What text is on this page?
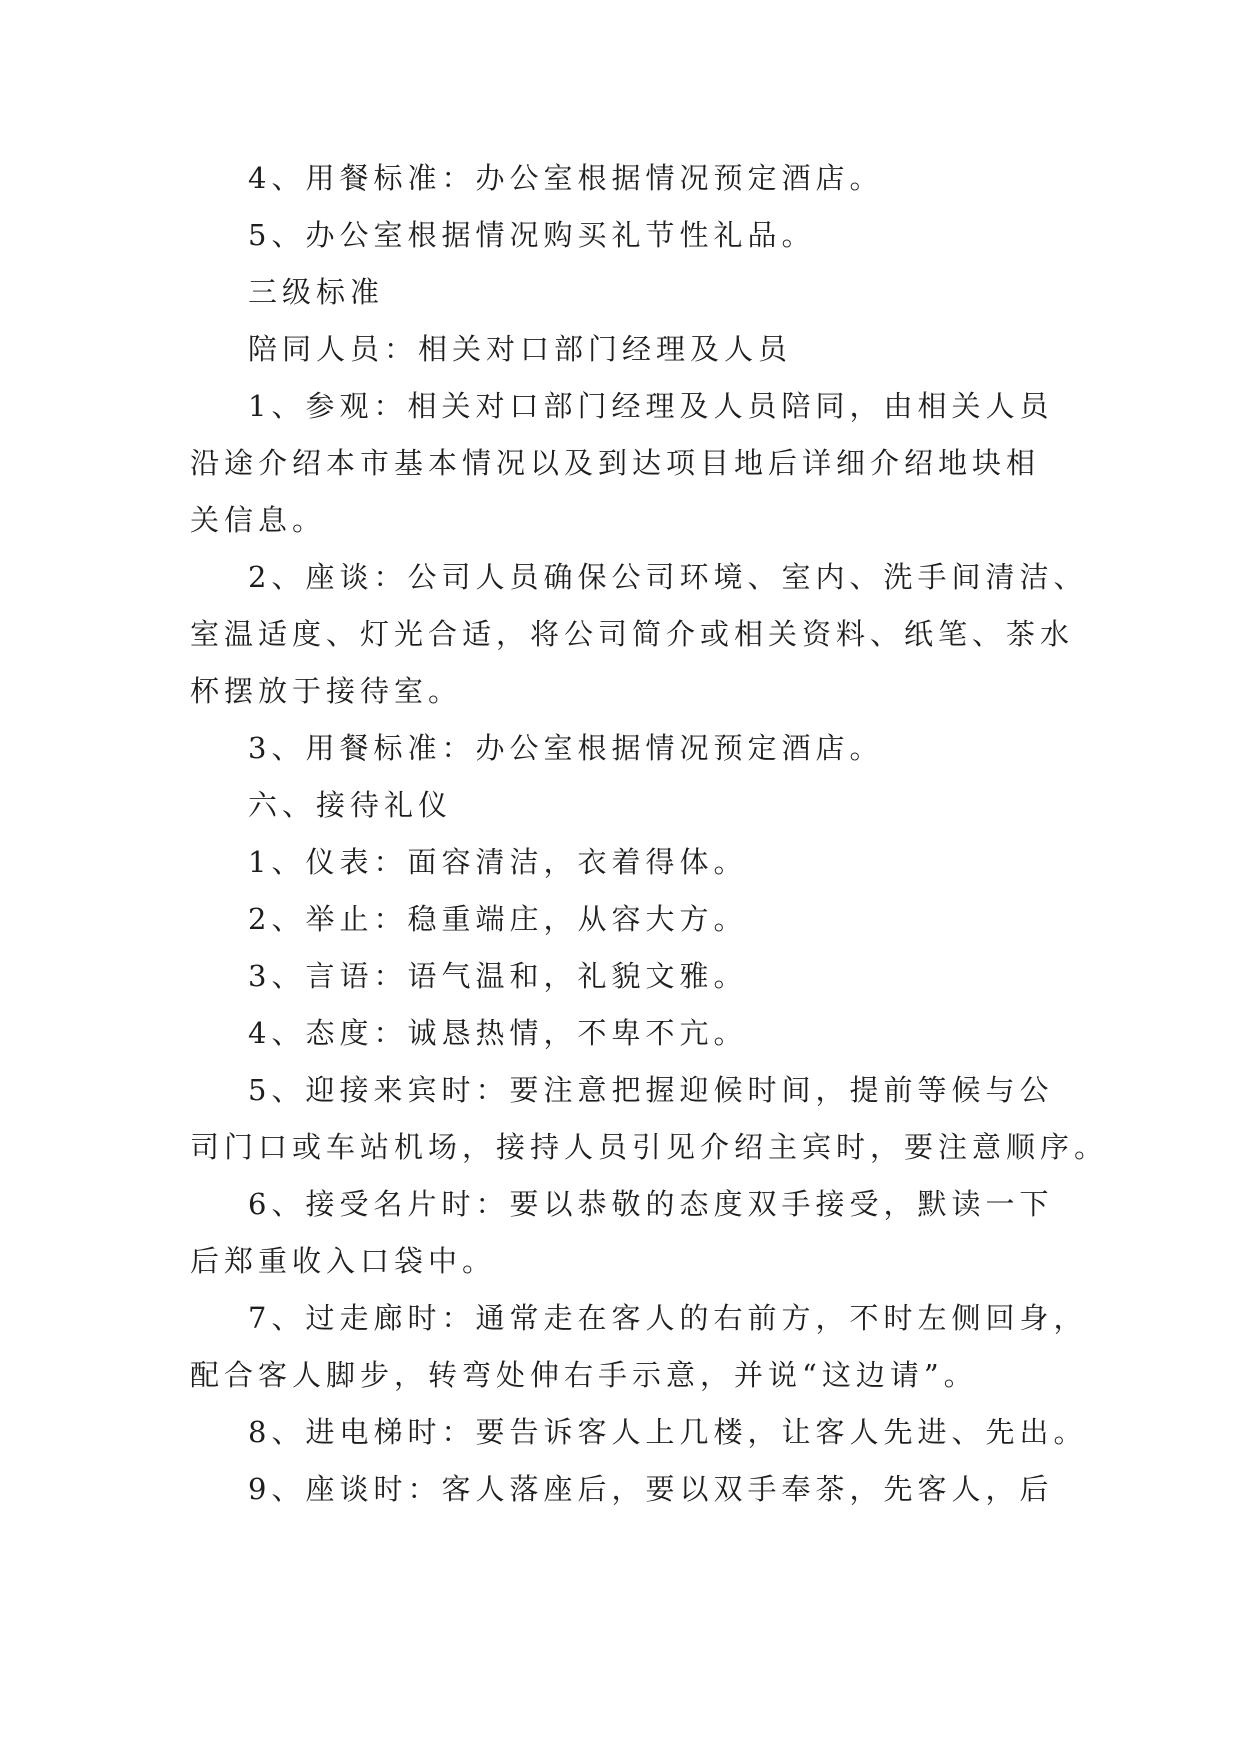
4、用餐标准：办公室根据情况预定酒店。
5、办公室根据情况购买礼节性礼品。
三级标准
陪同人员：相关对口部门经理及人员
1、参观：相关对口部门经理及人员陪同，由相关人员
沿途介绍本市基本情况以及到达项目地后详细介绍地块相
关信息。
2、座谈：公司人员确保公司环境、室内、洗手间清洁、
室温适度、灯光合适，将公司简介或相关资料、纸笔、茶水
杯摆放于接待室。
3、用餐标准：办公室根据情况预定酒店。
六、接待礼仪
1、仪表：面容清洁，衣着得体。
2、举止：稳重端庄，从容大方。
3、言语：语气温和，礼貌文雅。
4、态度：诚恳热情，不卑不亢。
5、迎接来宾时：要注意把握迎候时间，提前等候与公
司门口或车站机场，接持人员引见介绍主宾时，要注意顺序。
6、接受名片时：要以恭敬的态度双手接受，默读一下
后郑重收入口袋中。
7、过走廊时：通常走在客人的右前方，不时左侧回身，
配合客人脚步，转弯处伸右手示意，并说“这边请”。
8、进电梯时：要告诉客人上几楼，让客人先进、先出。
9、座谈时：客人落座后，要以双手奉茶，先客人，后
